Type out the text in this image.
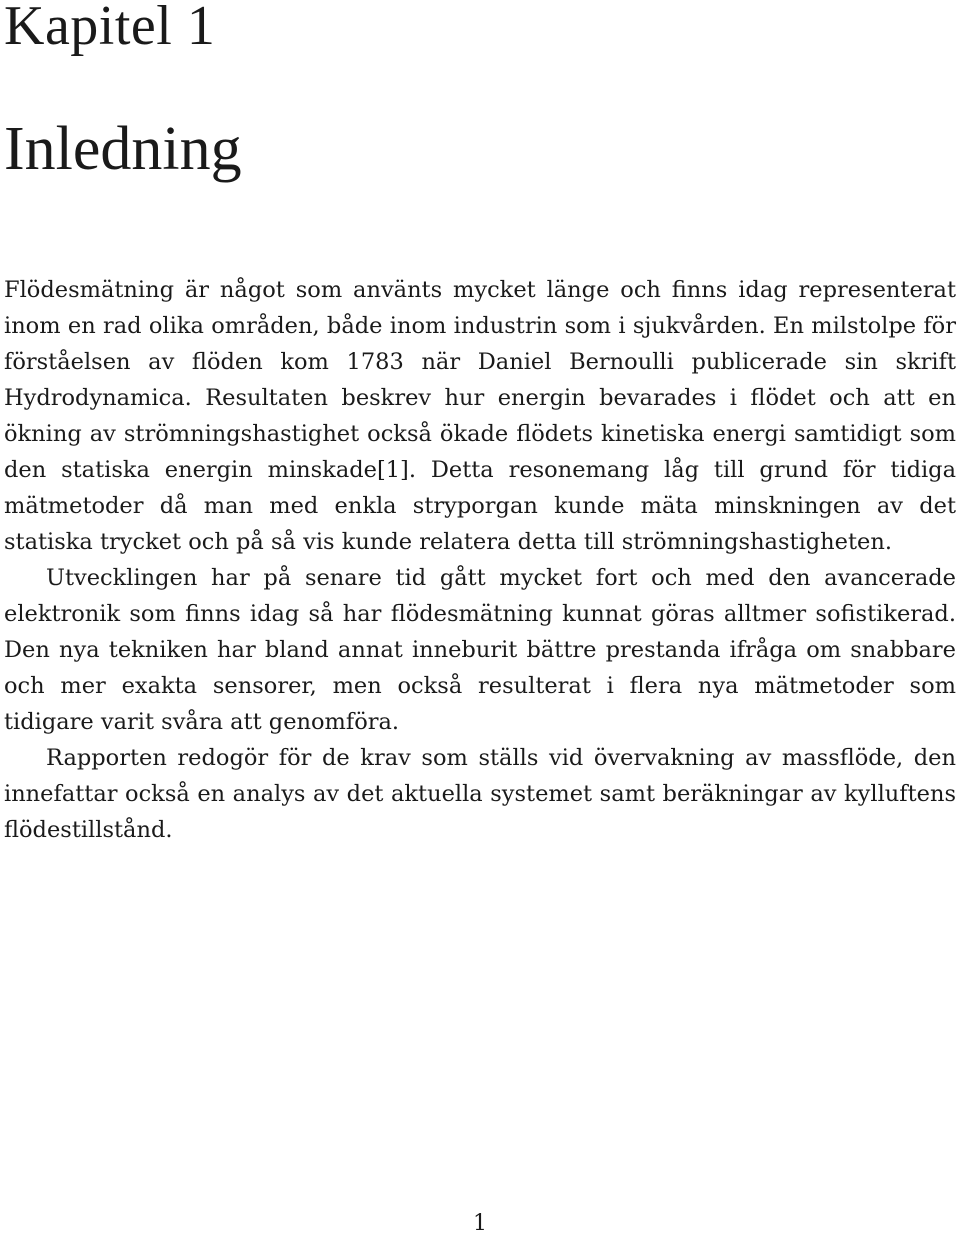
Kapitel 1
Inledning

Flödesmätning är något som använts mycket länge och finns idag representerat inom en rad olika områden, både inom industrin som i sjukvården. En milstolpe för förståelsen av flöden kom 1783 när Daniel Bernoulli publicerade sin skrift Hydrodynamica. Resultaten beskrev hur energin bevarades i flödet och att en ökning av strömningshastighet också ökade flödets kinetiska energi samtidigt som den statiska energin minskade[1]. Detta resonemang låg till grund för tidiga mätmetoder då man med enkla stryporgan kunde mäta minskningen av det statiska trycket och på så vis kunde relatera detta till strömningshastigheten.

Utvecklingen har på senare tid gått mycket fort och med den avancerade elektronik som finns idag så har flödesmätning kunnat göras alltmer sofistikerad. Den nya tekniken har bland annat inneburit bättre prestanda ifråga om snabbare och mer exakta sensorer, men också resulterat i flera nya mätmetoder som tidigare varit svåra att genomföra.

Rapporten redogör för de krav som ställs vid övervakning av massflöde, den innefattar också en analys av det aktuella systemet samt beräkningar av kylluftens flödestillstånd.

1
